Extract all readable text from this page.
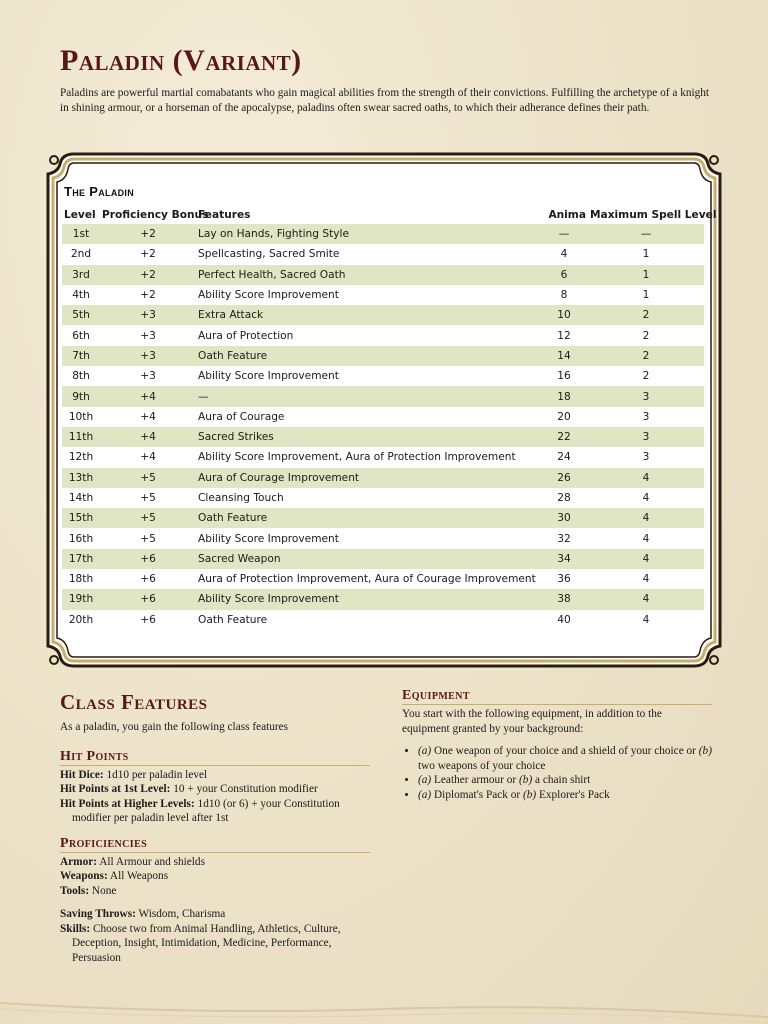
Paladin (Variant)

Paladins are powerful martial comabatants who gain magical abilities from the strength of their convictions. Fulfilling the archetype of a knight in shining armour, or a horseman of the apocalypse, paladins often swear sacred oaths, to which their adherance defines their path.

The Paladin
Level	Proficiency Bonus	Features	Anima	Maximum Spell Level
1st	+2	Lay on Hands, Fighting Style	—	—
2nd	+2	Spellcasting, Sacred Smite	4	1
3rd	+2	Perfect Health, Sacred Oath	6	1
4th	+2	Ability Score Improvement	8	1
5th	+3	Extra Attack	10	2
6th	+3	Aura of Protection	12	2
7th	+3	Oath Feature	14	2
8th	+3	Ability Score Improvement	16	2
9th	+4	—	18	3
10th	+4	Aura of Courage	20	3
11th	+4	Sacred Strikes	22	3
12th	+4	Ability Score Improvement, Aura of Protection Improvement	24	3
13th	+5	Aura of Courage Improvement	26	4
14th	+5	Cleansing Touch	28	4
15th	+5	Oath Feature	30	4
16th	+5	Ability Score Improvement	32	4
17th	+6	Sacred Weapon	34	4
18th	+6	Aura of Protection Improvement, Aura of Courage Improvement	36	4
19th	+6	Ability Score Improvement	38	4
20th	+6	Oath Feature	40	4
Class Features

As a paladin, you gain the following class features

Hit Points

Hit Dice: 1d10 per paladin level

Hit Points at 1st Level: 10 + your Constitution modifier

Hit Points at Higher Levels: 1d10 (or 6) + your Constitution modifier per paladin level after 1st

Proficiencies

Armor: All Armour and shields

Weapons: All Weapons

Tools: None

Saving Throws: Wisdom, Charisma

Skills: Choose two from Animal Handling, Athletics, Culture, Deception, Insight, Intimidation, Medicine, Performance, Persuasion

Equipment

You start with the following equipment, in addition to the equipment granted by your background:

• (a) One weapon of your choice and a shield of your choice or (b) two weapons of your choice
• (a) Leather armour or (b) a chain shirt
• (a) Diplomat's Pack or (b) Explorer's Pack
